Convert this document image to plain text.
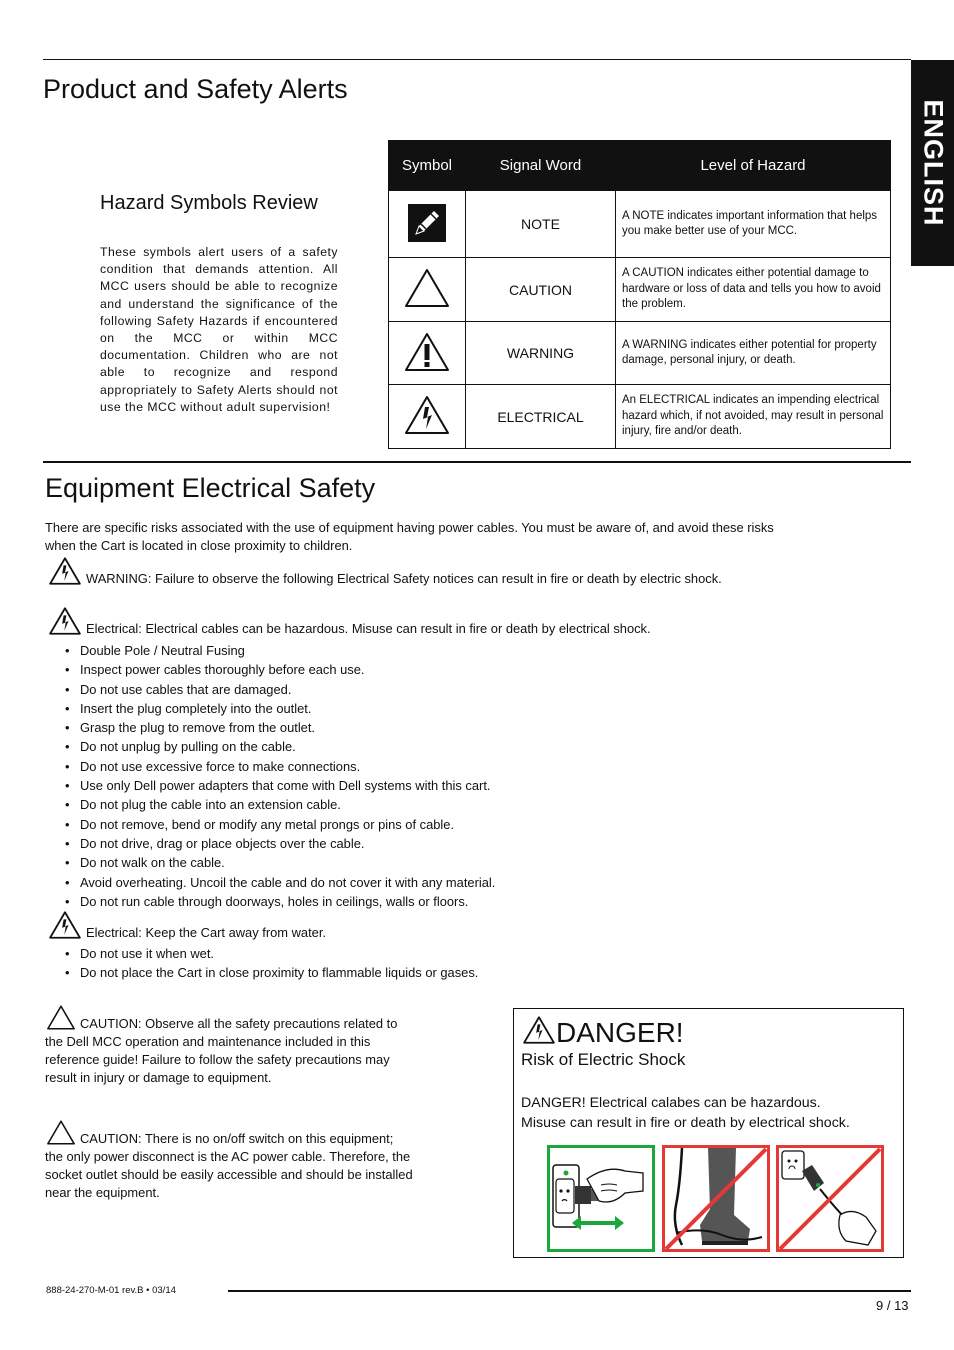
ENGLISH
Product and Safety Alerts
Hazard Symbols Review
These symbols alert users of a safety condition that demands attention. All MCC users should be able to recognize and understand the significance of the following Safety Hazards if encountered on the MCC or within MCC documentation. Children who are not able to recognize and respond appropriately to Safety Alerts should not use the MCC without adult supervision!
Symbol	Signal Word	Level of Hazard
	NOTE	A NOTE indicates important information that helps you make better use of your MCC.
	CAUTION	A CAUTION indicates either potential damage to hardware or loss of data and tells you how to avoid the problem.
	WARNING	A WARNING indicates either potential for property damage, personal injury, or death.
	ELECTRICAL	An ELECTRICAL indicates an impending electrical hazard which, if not avoided, may result in personal injury, fire and/or death.
Equipment Electrical Safety
There are specific risks associated with the use of equipment having power cables. You must be aware of, and avoid these risks when the Cart is located in close proximity to children.
WARNING: Failure to observe the following Electrical Safety notices can result in fire or death by electric shock.
Electrical: Electrical cables can be hazardous. Misuse can result in fire or death by electrical shock.
• Double Pole / Neutral Fusing
• Inspect power cables thoroughly before each use.
• Do not use cables that are damaged.
• Insert the plug completely into the outlet.
• Grasp the plug to remove from the outlet.
• Do not unplug by pulling on the cable.
• Do not use excessive force to make connections.
• Use only Dell power adapters that come with Dell systems with this cart.
• Do not plug the cable into an extension cable.
• Do not remove, bend or modify any metal prongs or pins of cable.
• Do not drive, drag or place objects over the cable.
• Do not walk on the cable.
• Avoid overheating. Uncoil the cable and do not cover it with any material.
• Do not run cable through doorways, holes in ceilings, walls or floors.
Electrical: Keep the Cart away from water.
• Do not use it when wet.
• Do not place the Cart in close proximity to flammable liquids or gases.
CAUTION: Observe all the safety precautions related to the Dell MCC operation and maintenance included in this reference guide! Failure to follow the safety precautions may result in injury or damage to equipment.
CAUTION: There is no on/off switch on this equipment; the only power disconnect is the AC power cable. Therefore, the socket outlet should be easily accessible and should be installed near the equipment.
DANGER!
Risk of Electric Shock
DANGER! Electrical calabes can be hazardous.
Misuse can result in fire or death by electrical shock.
888-24-270-M-01 rev.B • 03/14
9 / 13
